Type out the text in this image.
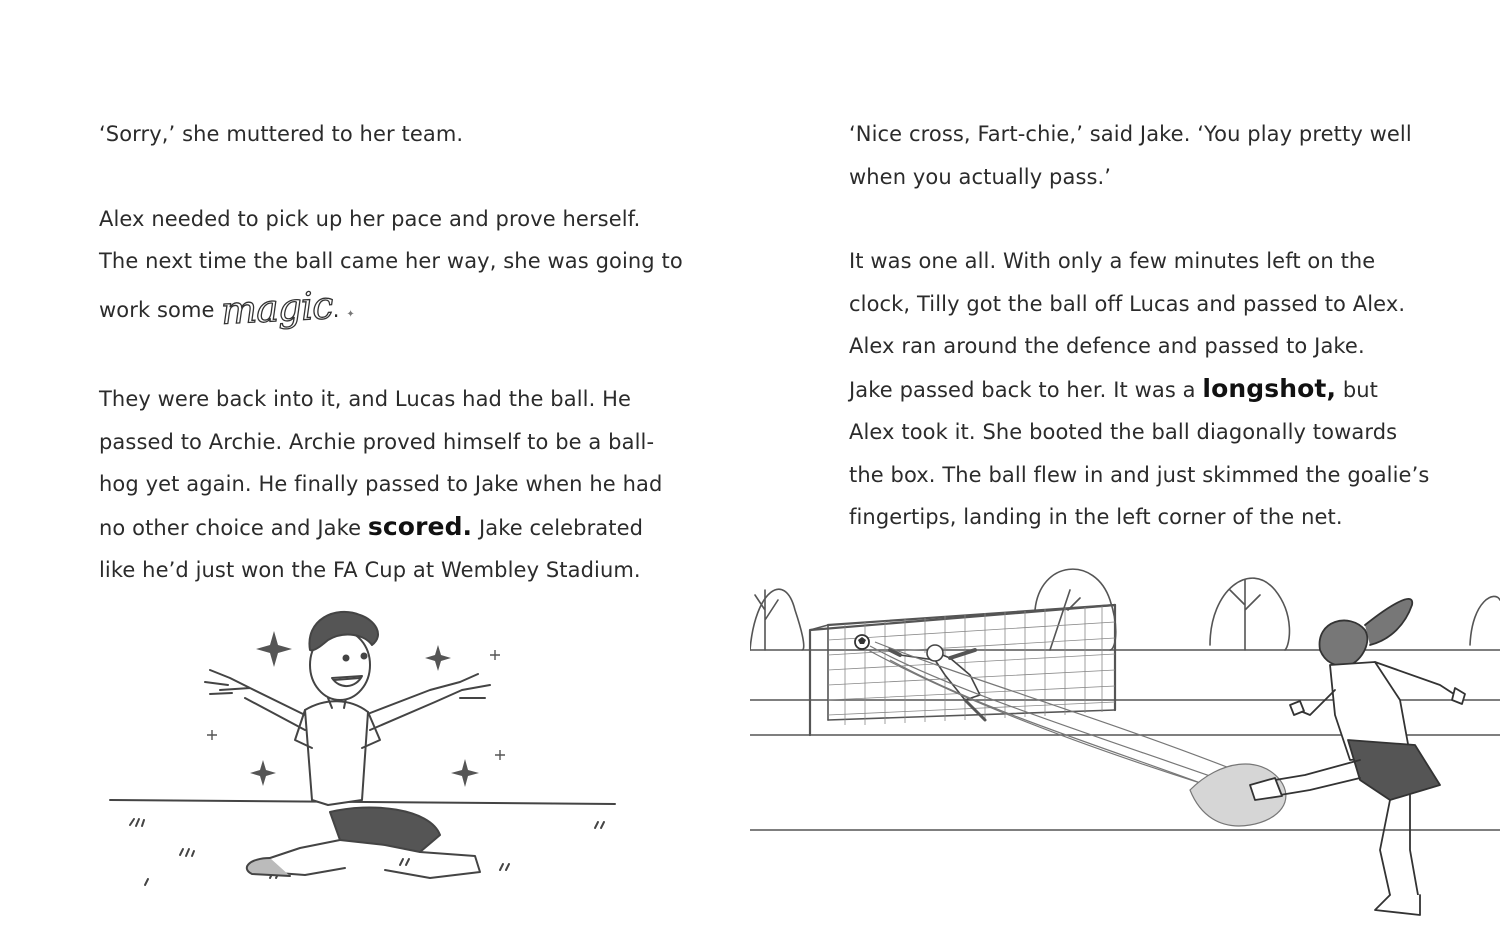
‘Sorry,’ she muttered to her team.

Alex needed to pick up her pace and prove herself.
The next time the ball came her way, she was going to
work some magic. ✦

They were back into it, and Lucas had the ball. He
passed to Archie. Archie proved himself to be a ball-
hog yet again. He finally passed to Jake when he had
no other choice and Jake scored. Jake celebrated
like he’d just won the FA Cup at Wembley Stadium.

‘Nice cross, Fart-chie,’ said Jake. ‘You play pretty well
when you actually pass.’

It was one all. With only a few minutes left on the
clock, Tilly got the ball off Lucas and passed to Alex.
Alex ran around the defence and passed to Jake.
Jake passed back to her. It was a longshot, but
Alex took it. She booted the ball diagonally towards
the box. The ball flew in and just skimmed the goalie’s
fingertips, landing in the left corner of the net.
